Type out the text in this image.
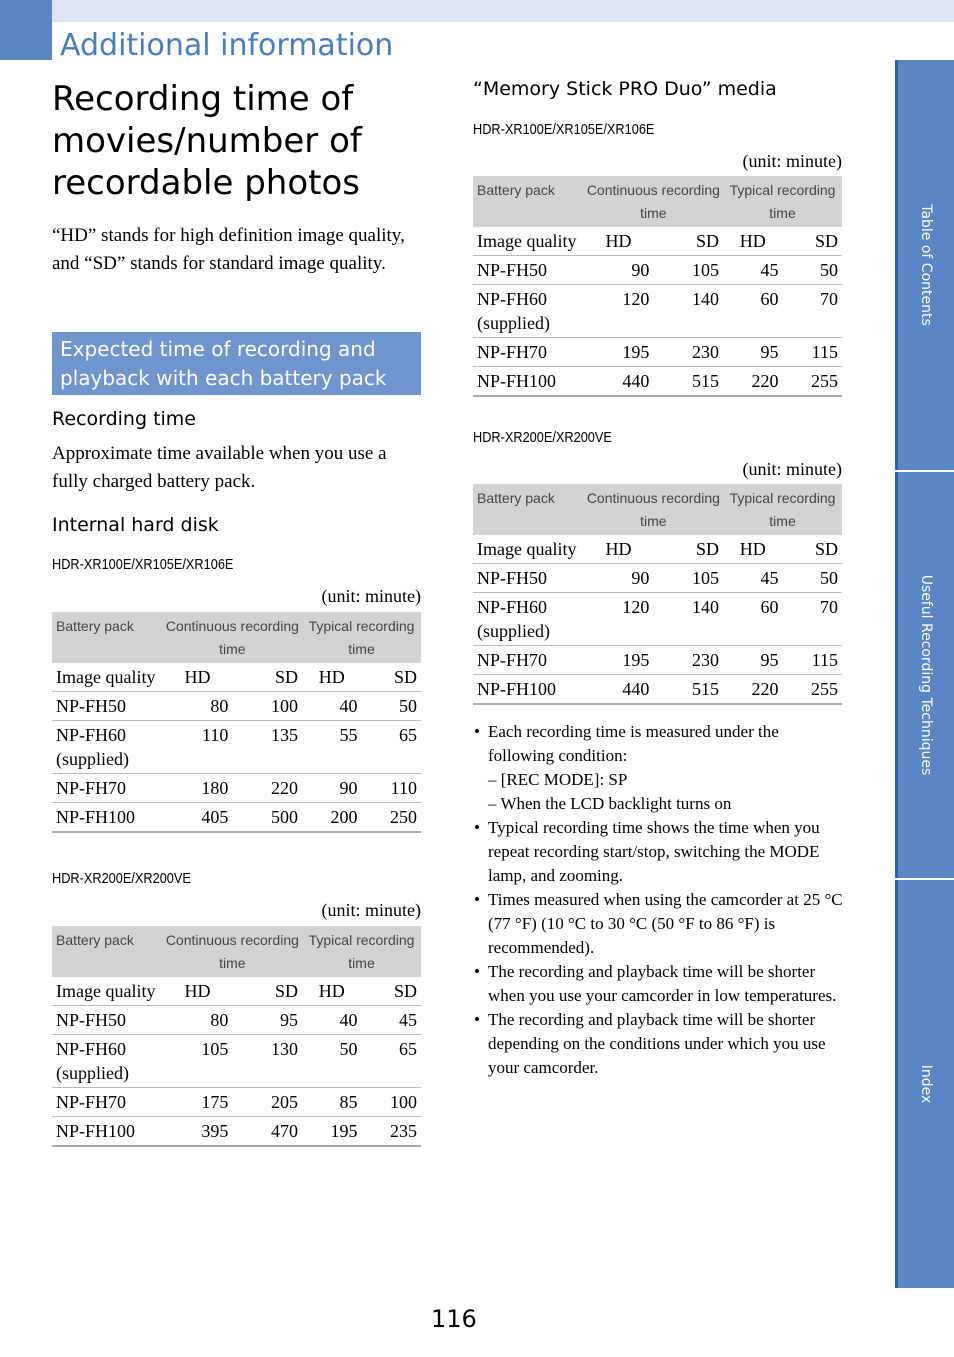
Additional information
Recording time of movies/number of recordable photos
“HD” stands for high definition image quality, and “SD” stands for standard image quality.
Expected time of recording and playback with each battery pack
Recording time
Approximate time available when you use a fully charged battery pack.
Internal hard disk
“Memory Stick PRO Duo” media
HDR-XR100E/XR105E/XR106E
(unit: minute)
Battery pack	Continuous recording time		Typical recording time	
Image quality	HD	SD	HD	SD
NP-FH50	80	100	40	50
NP-FH60 (supplied)	110	135	55	65
NP-FH70	180	220	90	110
NP-FH100	405	500	200	250
HDR-XR200E/XR200VE
(unit: minute)
Battery pack	Continuous recording time		Typical recording time	
Image quality	HD	SD	HD	SD
NP-FH50	80	95	40	45
NP-FH60 (supplied)	105	130	50	65
NP-FH70	175	205	85	100
NP-FH100	395	470	195	235
HDR-XR100E/XR105E/XR106E
(unit: minute)
Battery pack	Continuous recording time		Typical recording time	
Image quality	HD	SD	HD	SD
NP-FH50	90	105	45	50
NP-FH60 (supplied)	120	140	60	70
NP-FH70	195	230	95	115
NP-FH100	440	515	220	255
HDR-XR200E/XR200VE
(unit: minute)
Battery pack	Continuous recording time		Typical recording time	
Image quality	HD	SD	HD	SD
NP-FH50	90	105	45	50
NP-FH60 (supplied)	120	140	60	70
NP-FH70	195	230	95	115
NP-FH100	440	515	220	255
• Each recording time is measured under the following condition:
– [REC MODE]: SP
– When the LCD backlight turns on
• Typical recording time shows the time when you repeat recording start/stop, switching the MODE lamp, and zooming.
• Times measured when using the camcorder at 25 °C (77 °F) (10 °C to 30 °C (50 °F to 86 °F) is recommended).
• The recording and playback time will be shorter when you use your camcorder in low temperatures.
• The recording and playback time will be shorter depending on the conditions under which you use your camcorder.
Table of Contents
Useful Recording Techniques
Index
116
